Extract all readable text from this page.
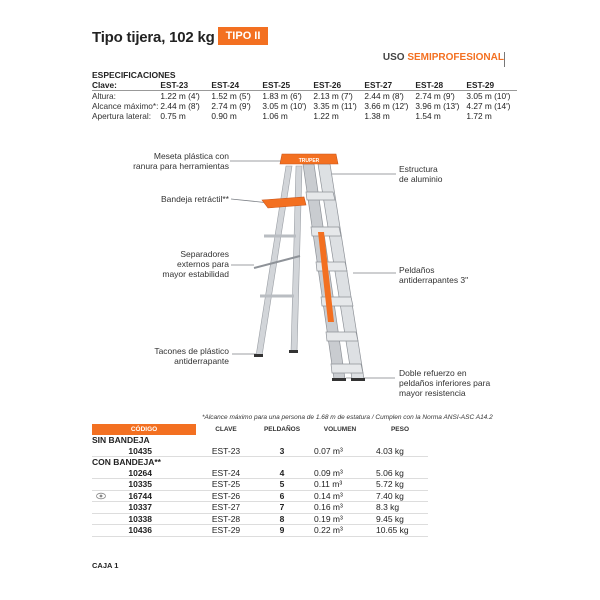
Tipo tijera, 102 kg TIPO II
USO SEMIPROFESIONAL
ESPECIFICACIONES
Clave:	EST-23	EST-24	EST-25	EST-26	EST-27	EST-28	EST-29
Altura:	1.22 m (4')	1.52 m (5')	1.83 m (6')	2.13 m (7')	2.44 m (8')	2.74 m (9')	3.05 m (10')
Alcance máximo*:	2.44 m (8')	2.74 m (9')	3.05 m (10')	3.35 m (11')	3.66 m (12')	3.96 m (13')	4.27 m (14')
Apertura lateral:	0.75 m	0.90 m	1.06 m	1.22 m	1.38 m	1.54 m	1.72 m
TRUPER
Meseta plástica con
ranura para herramientas
Bandeja retráctil**
Separadores
externos para
mayor estabilidad
Tacones de plástico
antiderrapante
Estructura
de aluminio
Peldaños
antiderrapantes 3"
Doble refuerzo en
peldaños inferiores para
mayor resistencia
*Alcance máximo para una persona de 1.68 m de estatura / Cumplen con la Norma ANSI-ASC A14.2
CÓDIGO	CLAVE	PELDAÑOS	VOLUMEN	PESO
SIN BANDEJA				
10435	EST-23	3	0.07 m³	4.03 kg
CON BANDEJA**				
10264	EST-24	4	0.09 m³	5.06 kg
10335	EST-25	5	0.11 m³	5.72 kg
16744	EST-26	6	0.14 m³	7.40 kg
10337	EST-27	7	0.16 m³	8.3 kg
10338	EST-28	8	0.19 m³	9.45 kg
10436	EST-29	9	0.22 m³	10.65 kg
CAJA 1
